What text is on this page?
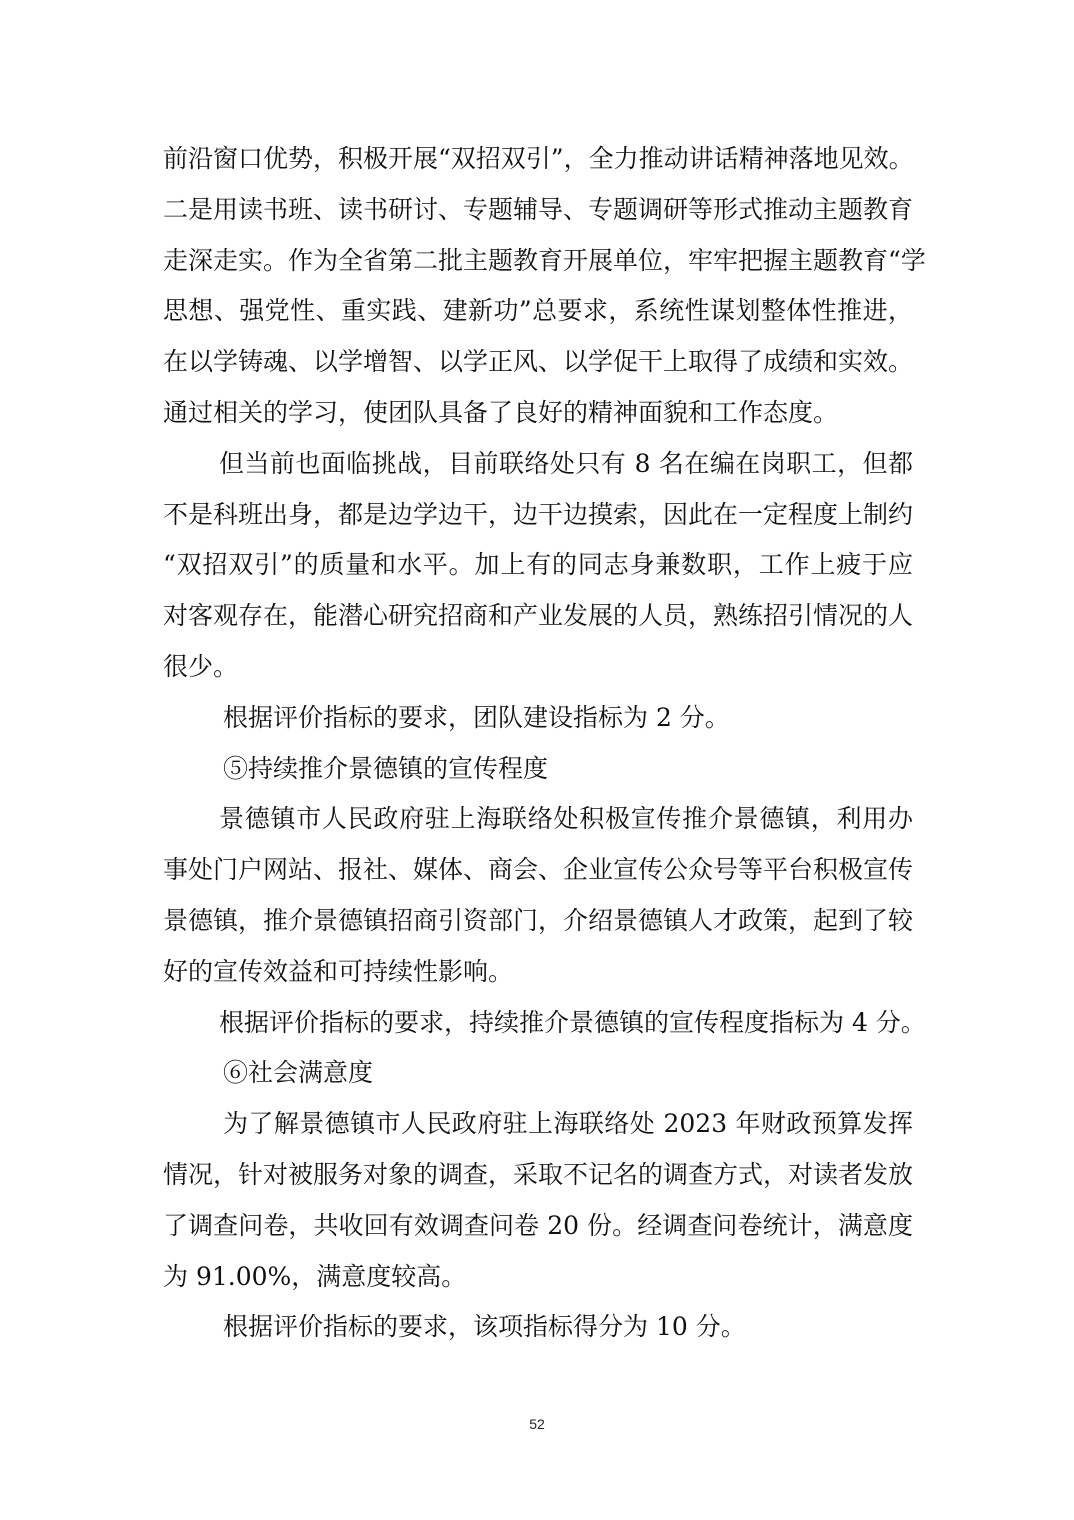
前沿窗口优势，积极开展“双招双引”，全力推动讲话精神落地见效。
二是用读书班、读书研讨、专题辅导、专题调研等形式推动主题教育
走深走实。作为全省第二批主题教育开展单位，牢牢把握主题教育“学
思想、强党性、重实践、建新功”总要求，系统性谋划整体性推进，
在以学铸魂、以学增智、以学正风、以学促干上取得了成绩和实效。
通过相关的学习，使团队具备了良好的精神面貌和工作态度。
但当前也面临挑战，目前联络处只有 8 名在编在岗职工，但都
不是科班出身，都是边学边干，边干边摸索，因此在一定程度上制约
“双招双引”的质量和水平。加上有的同志身兼数职，工作上疲于应
对客观存在，能潜心研究招商和产业发展的人员，熟练招引情况的人
很少。
根据评价指标的要求，团队建设指标为 2 分。
⑤持续推介景德镇的宣传程度
景德镇市人民政府驻上海联络处积极宣传推介景德镇，利用办
事处门户网站、报社、媒体、商会、企业宣传公众号等平台积极宣传
景德镇，推介景德镇招商引资部门，介绍景德镇人才政策，起到了较
好的宣传效益和可持续性影响。
根据评价指标的要求，持续推介景德镇的宣传程度指标为 4 分。
⑥社会满意度
为了解景德镇市人民政府驻上海联络处 2023 年财政预算发挥
情况，针对被服务对象的调查，采取不记名的调查方式，对读者发放
了调查问卷，共收回有效调查问卷 20 份。经调查问卷统计，满意度
为 91.00%，满意度较高。
根据评价指标的要求，该项指标得分为 10 分。
52
